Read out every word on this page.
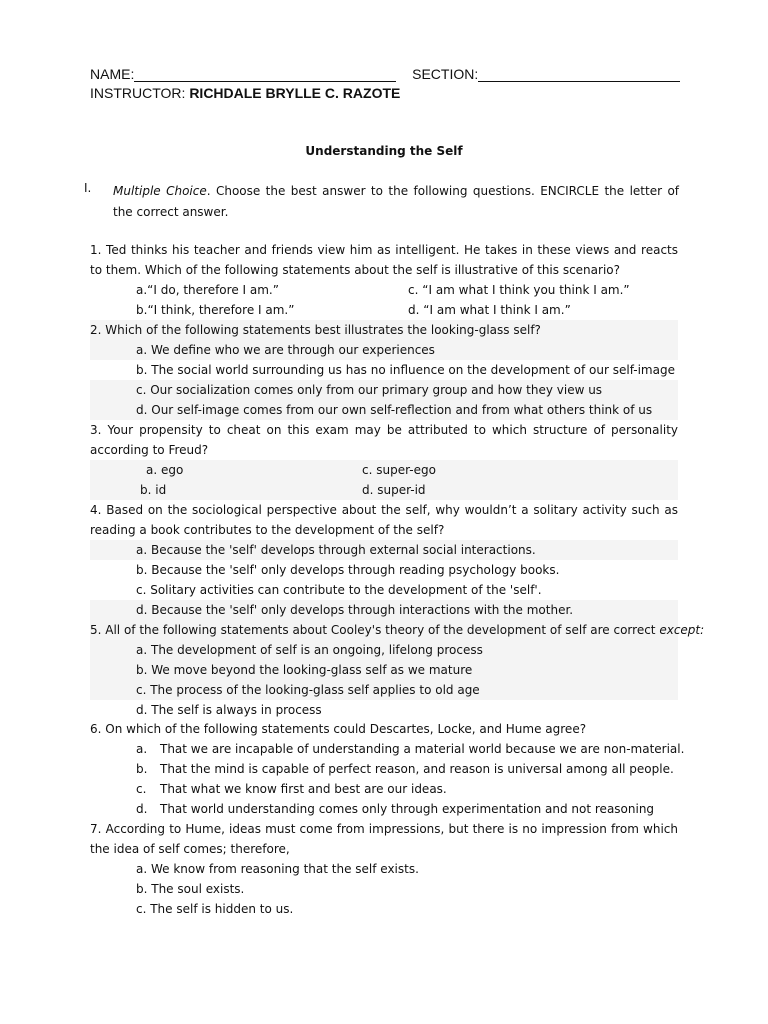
NAME:	SECTION:
INSTRUCTOR: RICHDALE BRYLLE C. RAZOTE
Understanding the Self
I. Multiple Choice. Choose the best answer to the following questions. ENCIRCLE the letter of the correct answer.

1. Ted thinks his teacher and friends view him as intelligent. He takes in these views and reacts to them. Which of the following statements about the self is illustrative of this scenario?

a.“I do, therefore I am.”	c. “I am what I think you think I am.”
b.“I think, therefore I am.”	d. “I am what I think I am.”

2. Which of the following statements best illustrates the looking-glass self?

a. We define who we are through our experiences

b. The social world surrounding us has no influence on the development of our self-image

c. Our socialization comes only from our primary group and how they view us

d. Our self-image comes from our own self-reflection and from what others think of us

3. Your propensity to cheat on this exam may be attributed to which structure of personality according to Freud?

a. ego	c. super-ego
b. id	d. super-id

4. Based on the sociological perspective about the self, why wouldn’t a solitary activity such as reading a book contributes to the development of the self?

a. Because the 'self' develops through external social interactions.

b. Because the 'self' only develops through reading psychology books.

c. Solitary activities can contribute to the development of the 'self'.

d. Because the 'self' only develops through interactions with the mother.

5. All of the following statements about Cooley's theory of the development of self are correct except:

a. The development of self is an ongoing, lifelong process

b. We move beyond the looking-glass self as we mature

c. The process of the looking-glass self applies to old age

d. The self is always in process

6. On which of the following statements could Descartes, Locke, and Hume agree?

a. That we are incapable of understanding a material world because we are non-material.

b. That the mind is capable of perfect reason, and reason is universal among all people.

c. That what we know first and best are our ideas.

d. That world understanding comes only through experimentation and not reasoning

7. According to Hume, ideas must come from impressions, but there is no impression from which the idea of self comes; therefore,

a. We know from reasoning that the self exists.

b. The soul exists.

c. The self is hidden to us.
